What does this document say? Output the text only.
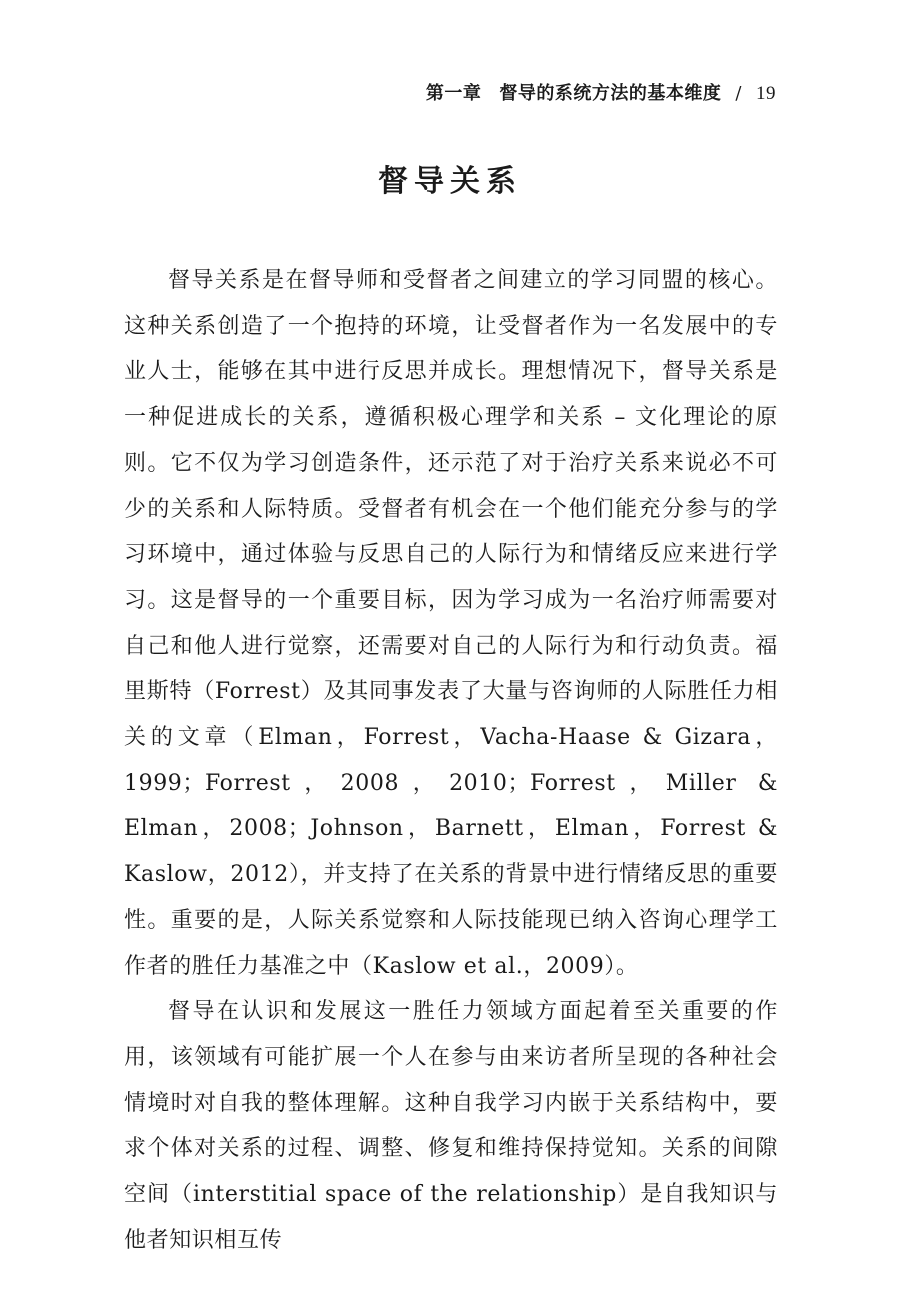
第一章 督导的系统方法的基本维度 / 19
督导关系

督导关系是在督导师和受督者之间建立的学习同盟的核心。这种关系创造了一个抱持的环境，让受督者作为一名发展中的专业人士，能够在其中进行反思并成长。理想情况下，督导关系是一种促进成长的关系，遵循积极心理学和关系 – 文化理论的原则。它不仅为学习创造条件，还示范了对于治疗关系来说必不可少的关系和人际特质。受督者有机会在一个他们能充分参与的学习环境中，通过体验与反思自己的人际行为和情绪反应来进行学习。这是督导的一个重要目标，因为学习成为一名治疗师需要对自己和他人进行觉察，还需要对自己的人际行为和行动负责。福里斯特（Forrest）及其同事发表了大量与咨询师的人际胜任力相关的文章（Elman，Forrest，Vacha-Haase & Gizara，1999；Forrest，2008，2010；Forrest，Miller & Elman，2008；Johnson，Barnett，Elman，Forrest & Kaslow，2012），并支持了在关系的背景中进行情绪反思的重要性。重要的是，人际关系觉察和人际技能现已纳入咨询心理学工作者的胜任力基准之中（Kaslow et al.，2009）。

督导在认识和发展这一胜任力领域方面起着至关重要的作用，该领域有可能扩展一个人在参与由来访者所呈现的各种社会情境时对自我的整体理解。这种自我学习内嵌于关系结构中，要求个体对关系的过程、调整、修复和维持保持觉知。关系的间隙空间（interstitial space of the relationship）是自我知识与他者知识相互传
